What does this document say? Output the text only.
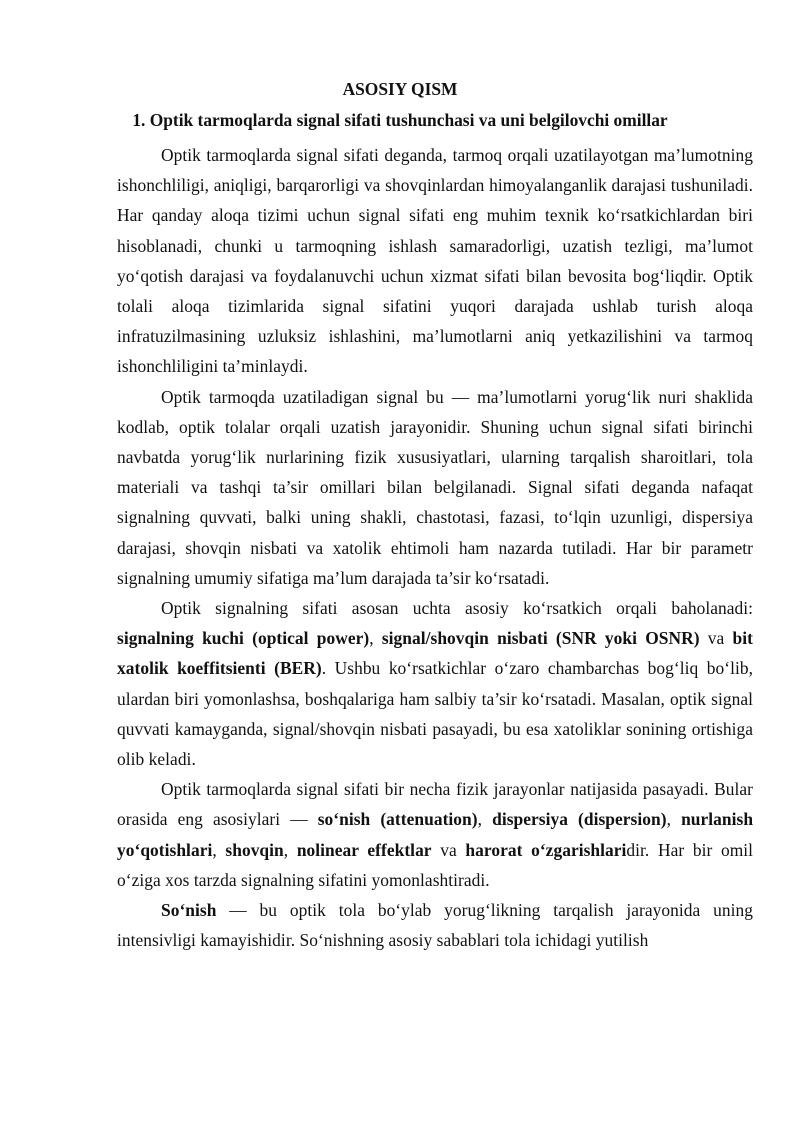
ASOSIY QISM
1. Optik tarmoqlarda signal sifati tushunchasi va uni belgilovchi omillar

Optik tarmoqlarda signal sifati deganda, tarmoq orqali uzatilayotgan ma’lumotning ishonchliligi, aniqligi, barqarorligi va shovqinlardan himoyalanganlik darajasi tushuniladi. Har qanday aloqa tizimi uchun signal sifati eng muhim texnik ko‘rsatkichlardan biri hisoblanadi, chunki u tarmoqning ishlash samaradorligi, uzatish tezligi, ma’lumot yo‘qotish darajasi va foydalanuvchi uchun xizmat sifati bilan bevosita bog‘liqdir. Optik tolali aloqa tizimlarida signal sifatini yuqori darajada ushlab turish aloqa infratuzilmasining uzluksiz ishlashini, ma’lumotlarni aniq yetkazilishini va tarmoq ishonchliligini ta’minlaydi.

Optik tarmoqda uzatiladigan signal bu — ma’lumotlarni yorug‘lik nuri shaklida kodlab, optik tolalar orqali uzatish jarayonidir. Shuning uchun signal sifati birinchi navbatda yorug‘lik nurlarining fizik xususiyatlari, ularning tarqalish sharoitlari, tola materiali va tashqi ta’sir omillari bilan belgilanadi. Signal sifati deganda nafaqat signalning quvvati, balki uning shakli, chastotasi, fazasi, to‘lqin uzunligi, dispersiya darajasi, shovqin nisbati va xatolik ehtimoli ham nazarda tutiladi. Har bir parametr signalning umumiy sifatiga ma’lum darajada ta’sir ko‘rsatadi.

Optik signalning sifati asosan uchta asosiy ko‘rsatkich orqali baholanadi: signalning kuchi (optical power), signal/shovqin nisbati (SNR yoki OSNR) va bit xatolik koeffitsienti (BER). Ushbu ko‘rsatkichlar o‘zaro chambarchas bog‘liq bo‘lib, ulardan biri yomonlashsa, boshqalariga ham salbiy ta’sir ko‘rsatadi. Masalan, optik signal quvvati kamayganda, signal/shovqin nisbati pasayadi, bu esa xatoliklar sonining ortishiga olib keladi.

Optik tarmoqlarda signal sifati bir necha fizik jarayonlar natijasida pasayadi. Bular orasida eng asosiylari — so‘nish (attenuation), dispersiya (dispersion), nurlanish yo‘qotishlari, shovqin, nolinear effektlar va harorat o‘zgarishlaridir. Har bir omil o‘ziga xos tarzda signalning sifatini yomonlashtiradi.

So‘nish — bu optik tola bo‘ylab yorug‘likning tarqalish jarayonida uning intensivligi kamayishidir. So‘nishning asosiy sabablari tola ichidagi yutilish
